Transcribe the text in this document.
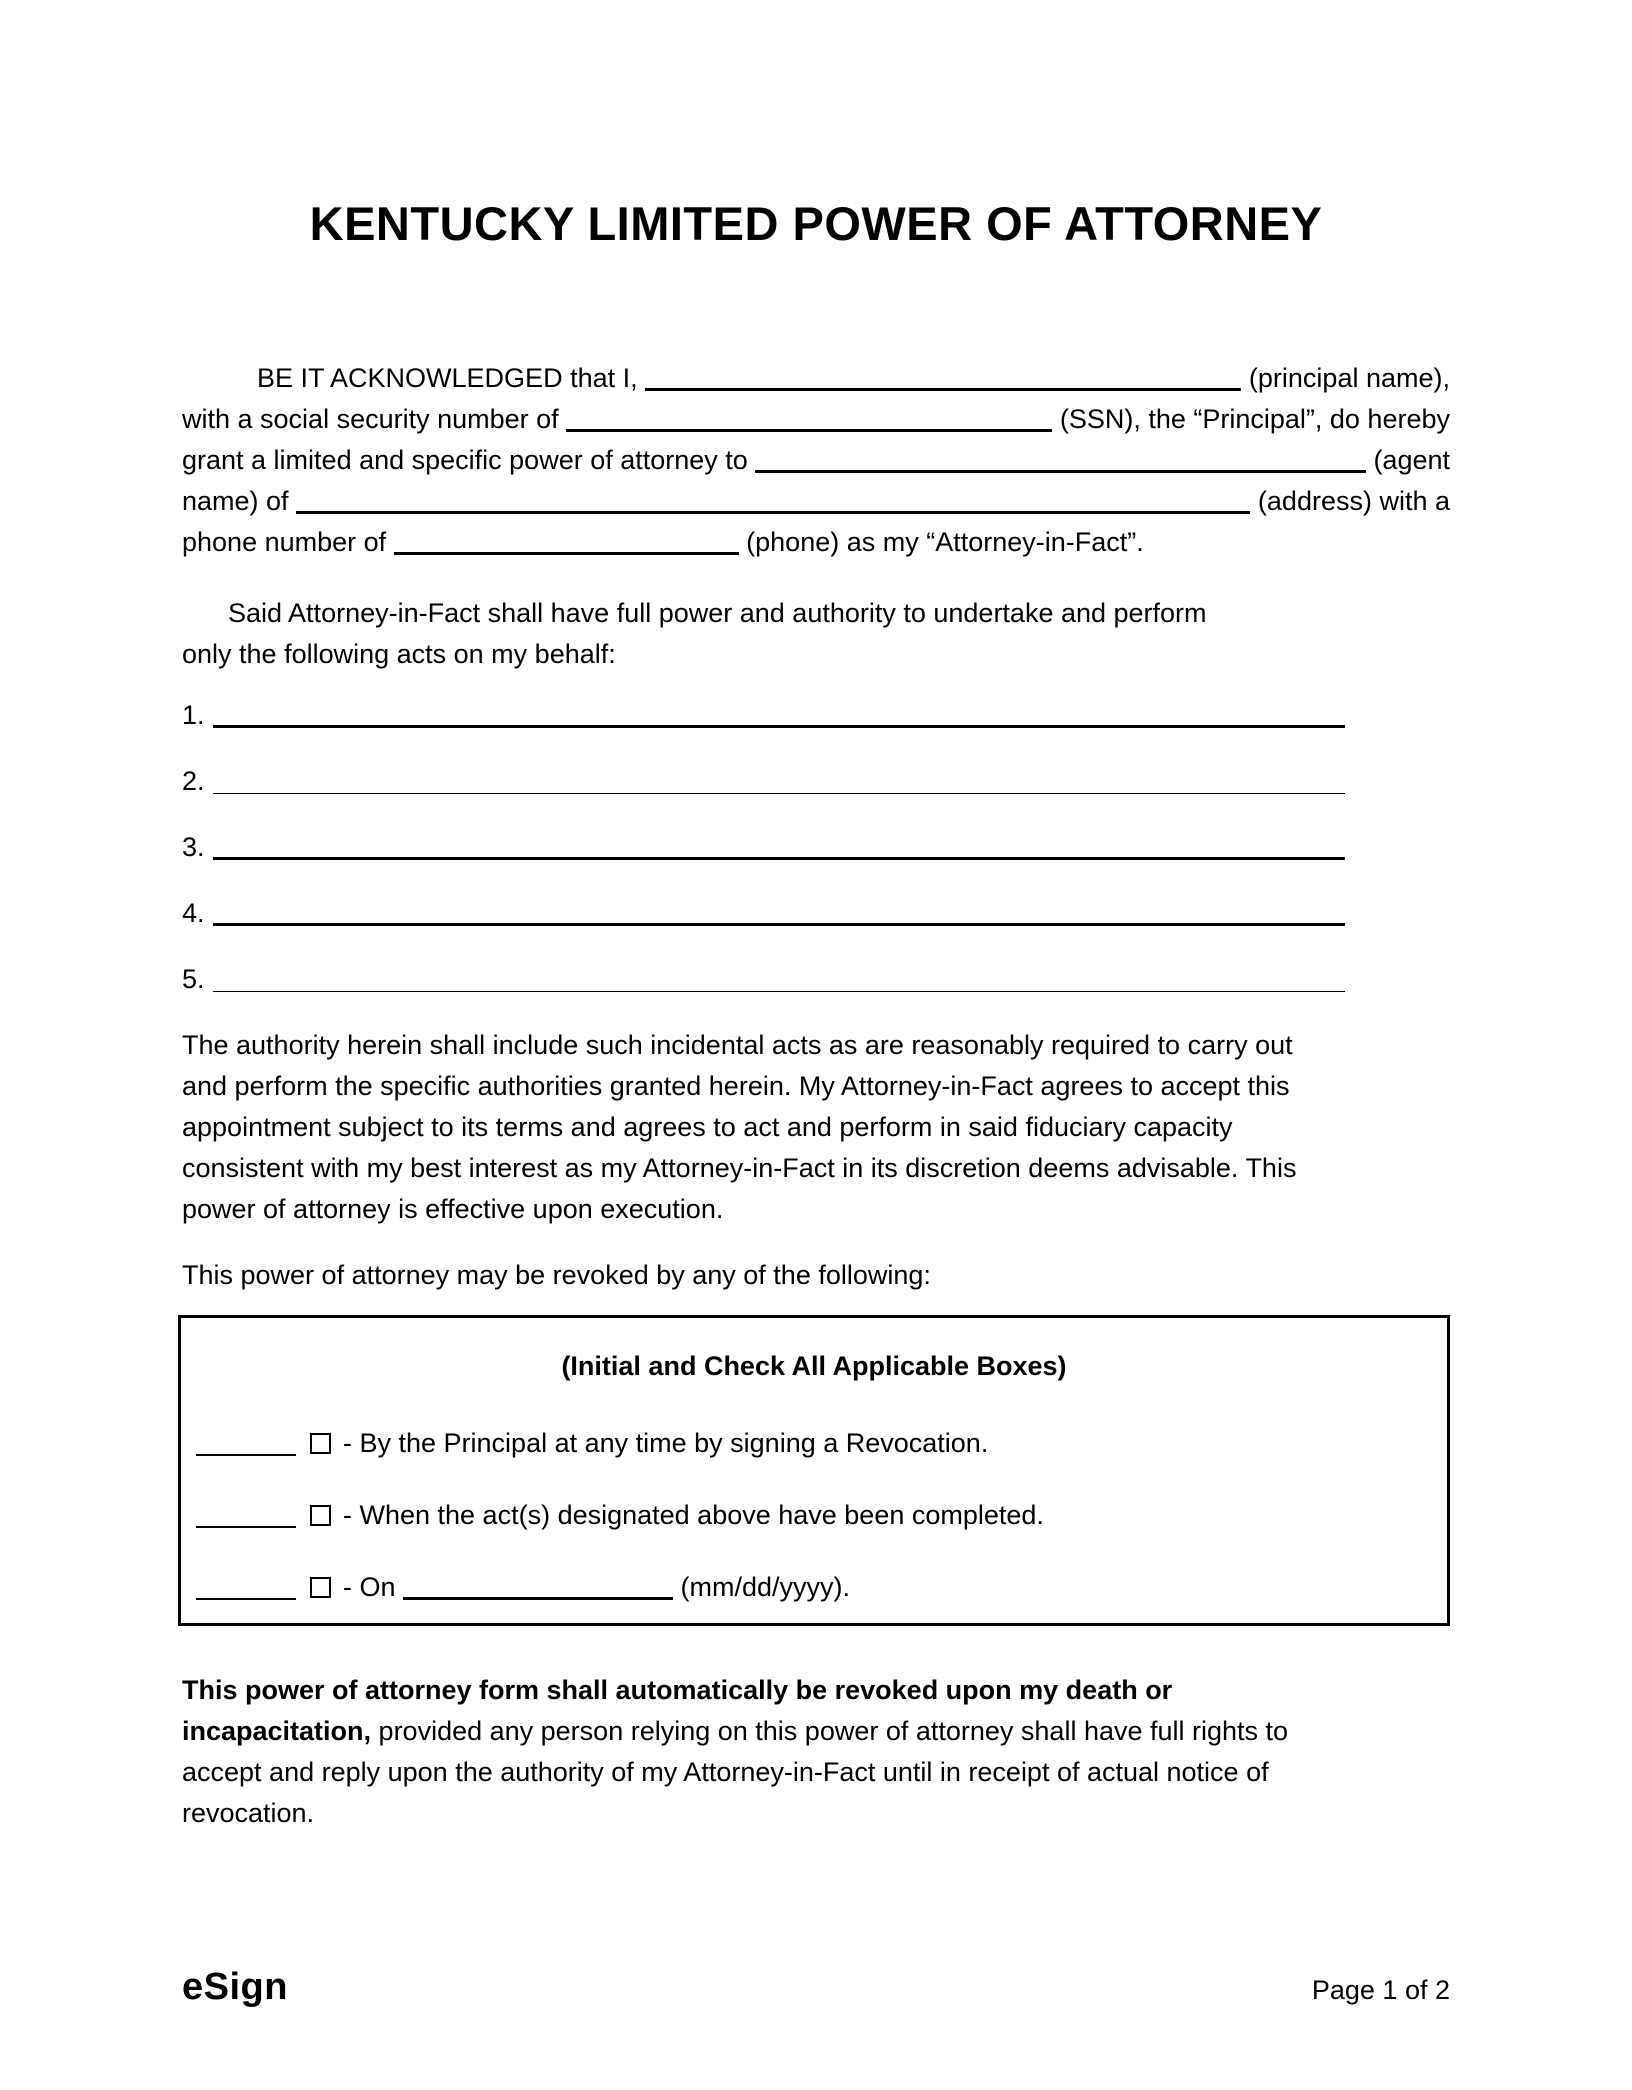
KENTUCKY LIMITED POWER OF ATTORNEY
BE IT ACKNOWLEDGED that I,	(principal name),
with a social security number of	(SSN), the “Principal”, do hereby
grant a limited and specific power of attorney to	(agent
name) of	(address) with a
phone number of	(phone) as my “Attorney-in-Fact”.
Said Attorney-in-Fact shall have full power and authority to undertake and perform
only the following acts on my behalf:
1.
2.
3.
4.
5.
The authority herein shall include such incidental acts as are reasonably required to carry out
and perform the specific authorities granted herein. My Attorney-in-Fact agrees to accept this
appointment subject to its terms and agrees to act and perform in said fiduciary capacity
consistent with my best interest as my Attorney-in-Fact in its discretion deems advisable. This
power of attorney is effective upon execution.
This power of attorney may be revoked by any of the following:
(Initial and Check All Applicable Boxes)
- By the Principal at any time by signing a Revocation.
- When the act(s) designated above have been completed.
- On	(mm/dd/yyyy).
This power of attorney form shall automatically be revoked upon my death or
incapacitation, provided any person relying on this power of attorney shall have full rights to
accept and reply upon the authority of my Attorney-in-Fact until in receipt of actual notice of
revocation.
eSign	Page 1 of 2
